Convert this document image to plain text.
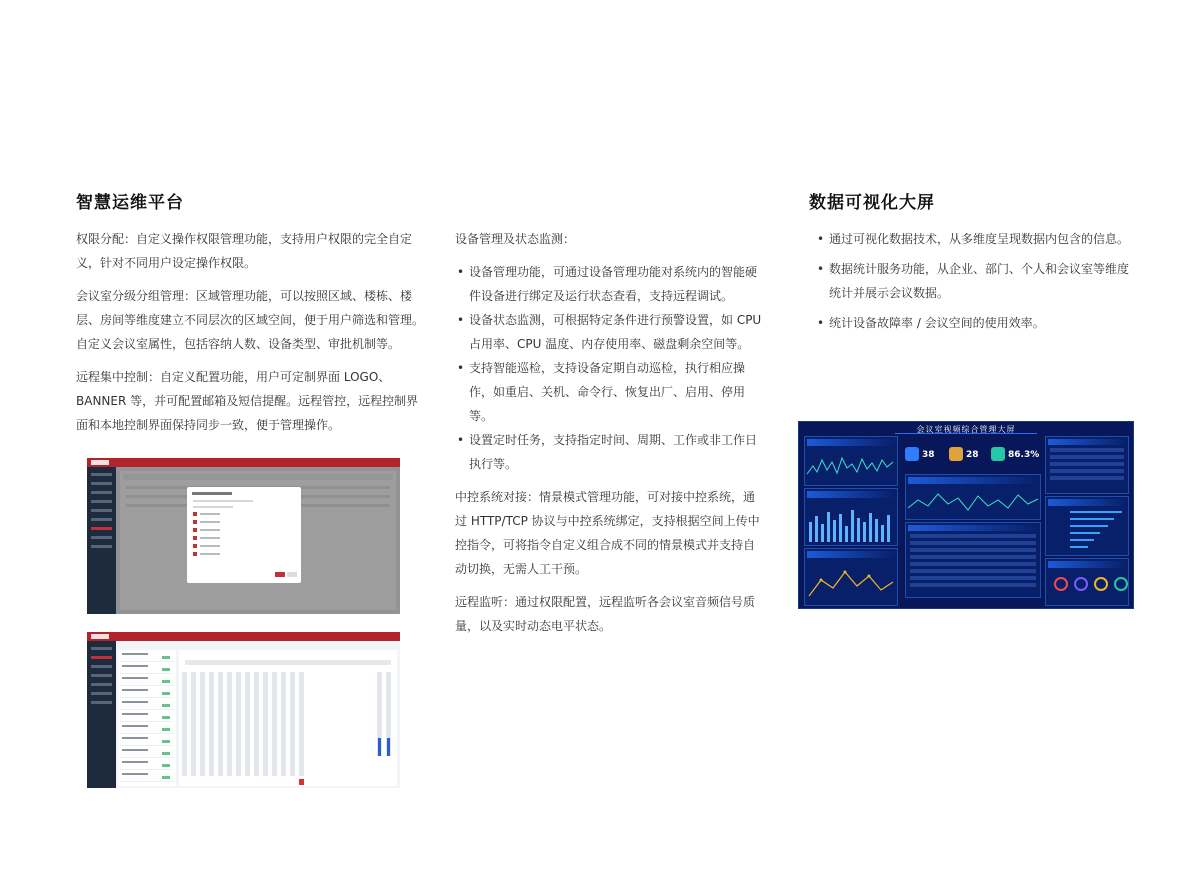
智慧运维平台

权限分配：自定义操作权限管理功能，支持用户权限的完全自定义，针对不同用户设定操作权限。

会议室分级分组管理：区域管理功能，可以按照区域、楼栋、楼层、房间等维度建立不同层次的区域空间，便于用户筛选和管理。自定义会议室属性，包括容纳人数、设备类型、审批机制等。

远程集中控制：自定义配置功能，用户可定制界面 LOGO、BANNER 等，并可配置邮箱及短信提醒。远程管控，远程控制界面和本地控制界面保持同步一致，便于管理操作。

设备管理及状态监测：

• 设备管理功能，可通过设备管理功能对系统内的智能硬件设备进行绑定及运行状态查看，支持远程调试。
• 设备状态监测，可根据特定条件进行预警设置，如 CPU 占用率、CPU 温度、内存使用率、磁盘剩余空间等。
• 支持智能巡检，支持设备定期自动巡检，执行相应操作，如重启、关机、命令行、恢复出厂、启用、停用等。
• 设置定时任务，支持指定时间、周期、工作或非工作日执行等。

中控系统对接：情景模式管理功能，可对接中控系统，通过 HTTP/TCP 协议与中控系统绑定，支持根据空间上传中控指令，可将指令自定义组合成不同的情景模式并支持自动切换，无需人工干预。

远程监听：通过权限配置，远程监听各会议室音频信号质量，以及实时动态电平状态。

数据可视化大屏
• 通过可视化数据技术，从多维度呈现数据内包含的信息。
• 数据统计服务功能，从企业、部门、个人和会议室等维度统计并展示会议数据。
• 统计设备故障率 / 会议空间的使用效率。
会议室视频综合管理大屏
38	28	86.3%
